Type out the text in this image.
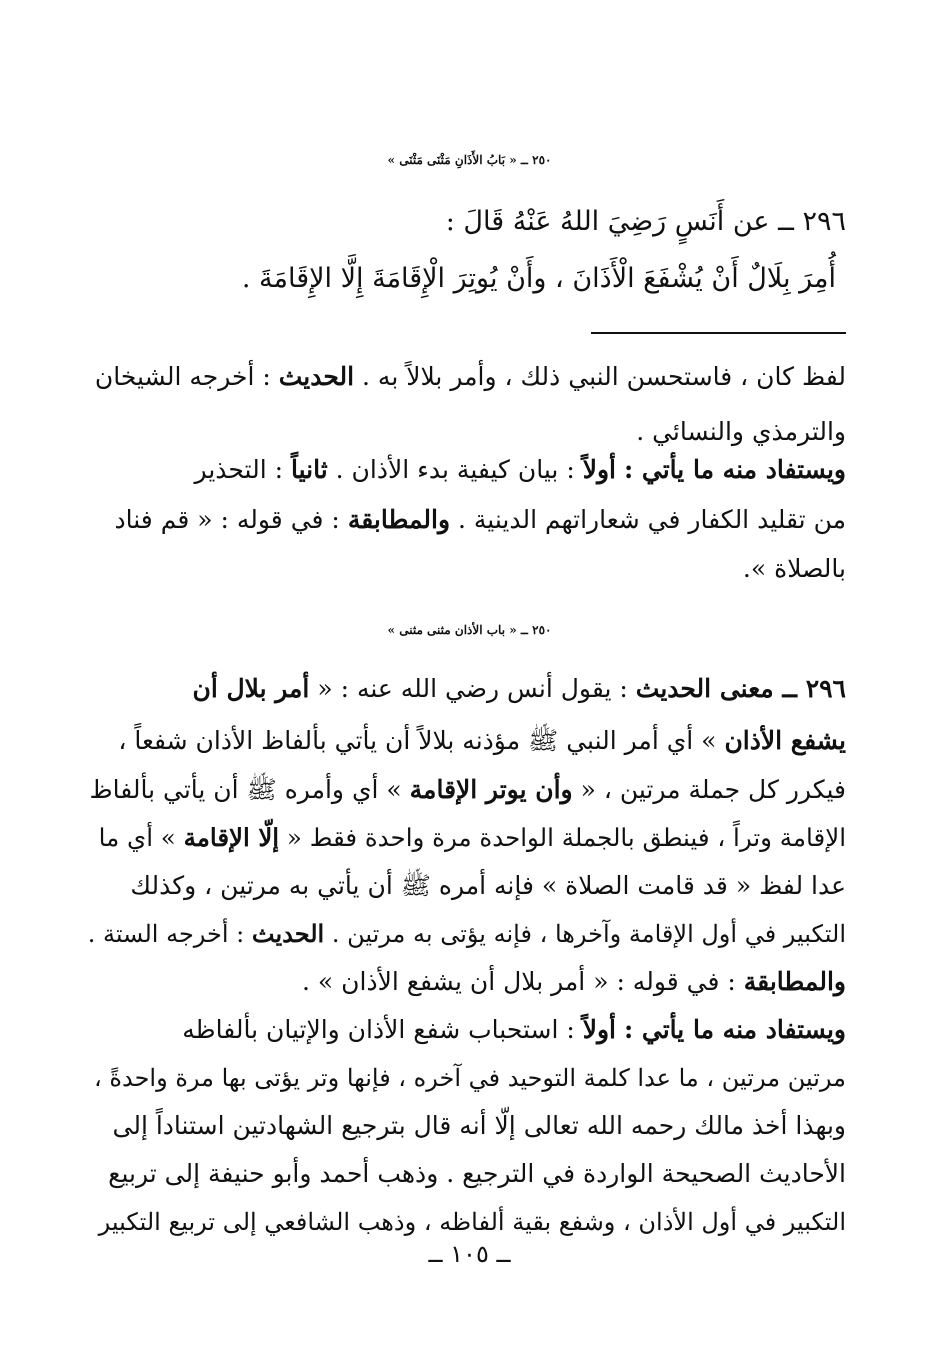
٢٥٠ ــ « بَابُ الأَذَانِ مَثْنَى مَثْنَى »
٢٩٦ ــ عن أَنَسٍ رَضِيَ اللهُ عَنْهُ قَالَ :
أُمِرَ بِلَالٌ أَنْ يُشْفَعَ الْأَذَانَ ، وأَنْ يُوتِرَ الْإِقَامَةَ إِلَّا الإِقَامَةَ .
لفظ كان ، فاستحسن النبي ذلك ، وأمر بلالاً به . الحديث : أخرجه الشيخان
والترمذي والنسائي .
ويستفاد منه ما يأتي : أولاً : بيان كيفية بدء الأذان . ثانياً : التحذير
من تقليد الكفار في شعاراتهم الدينية . والمطابقة : في قوله : « قم فناد
بالصلاة ».
٢٥٠ ــ « باب الأذان مثنى مثنى »
٢٩٦ ــ معنى الحديث : يقول أنس رضي الله عنه : « أمر بلال أن
يشفع الأذان » أي أمر النبي ﷺ مؤذنه بلالاً أن يأتي بألفاظ الأذان شفعاً ،
فيكرر كل جملة مرتين ، « وأن يوتر الإقامة » أي وأمره ﷺ أن يأتي بألفاظ
الإقامة وتراً ، فينطق بالجملة الواحدة مرة واحدة فقط « إلّا الإقامة » أي ما
عدا لفظ « قد قامت الصلاة » فإنه أمره ﷺ أن يأتي به مرتين ، وكذلك
التكبير في أول الإقامة وآخرها ، فإنه يؤتى به مرتين . الحديث : أخرجه الستة .
والمطابقة : في قوله : « أمر بلال أن يشفع الأذان » .
ويستفاد منه ما يأتي : أولاً : استحباب شفع الأذان والإتيان بألفاظه
مرتين مرتين ، ما عدا كلمة التوحيد في آخره ، فإنها وتر يؤتى بها مرة واحدةً ،
وبهذا أخذ مالك رحمه الله تعالى إلّا أنه قال بترجيع الشهادتين استناداً إلى
الأحاديث الصحيحة الواردة في الترجيع . وذهب أحمد وأبو حنيفة إلى تربيع
التكبير في أول الأذان ، وشفع بقية ألفاظه ، وذهب الشافعي إلى تربيع التكبير
ــ ١٠٥ ــ
